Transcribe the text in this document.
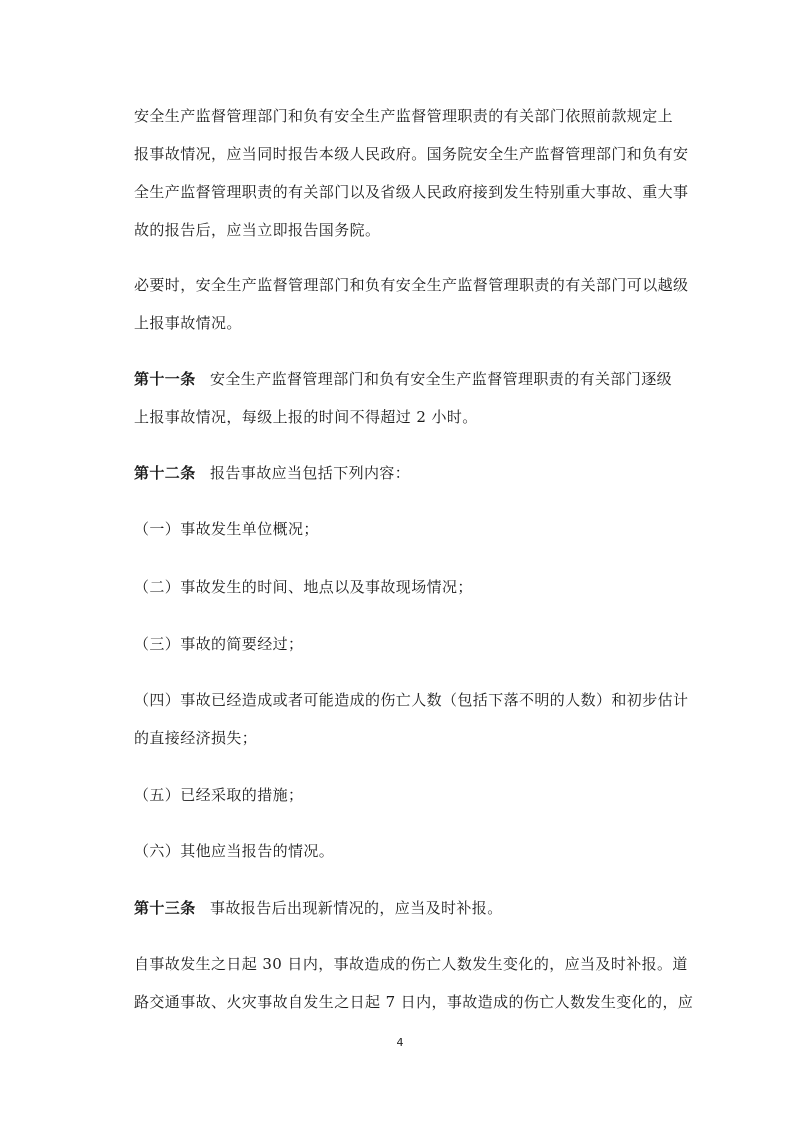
安全生产监督管理部门和负有安全生产监督管理职责的有关部门依照前款规定上
报事故情况，应当同时报告本级人民政府。国务院安全生产监督管理部门和负有安
全生产监督管理职责的有关部门以及省级人民政府接到发生特别重大事故、重大事
故的报告后，应当立即报告国务院。
必要时，安全生产监督管理部门和负有安全生产监督管理职责的有关部门可以越级
上报事故情况。
第十一条 安全生产监督管理部门和负有安全生产监督管理职责的有关部门逐级
上报事故情况，每级上报的时间不得超过 2 小时。
第十二条 报告事故应当包括下列内容：
（一）事故发生单位概况；
（二）事故发生的时间、地点以及事故现场情况；
（三）事故的简要经过；
（四）事故已经造成或者可能造成的伤亡人数（包括下落不明的人数）和初步估计
的直接经济损失；
（五）已经采取的措施；
（六）其他应当报告的情况。
第十三条 事故报告后出现新情况的，应当及时补报。
自事故发生之日起 30 日内，事故造成的伤亡人数发生变化的，应当及时补报。道
路交通事故、火灾事故自发生之日起 7 日内，事故造成的伤亡人数发生变化的，应
4
